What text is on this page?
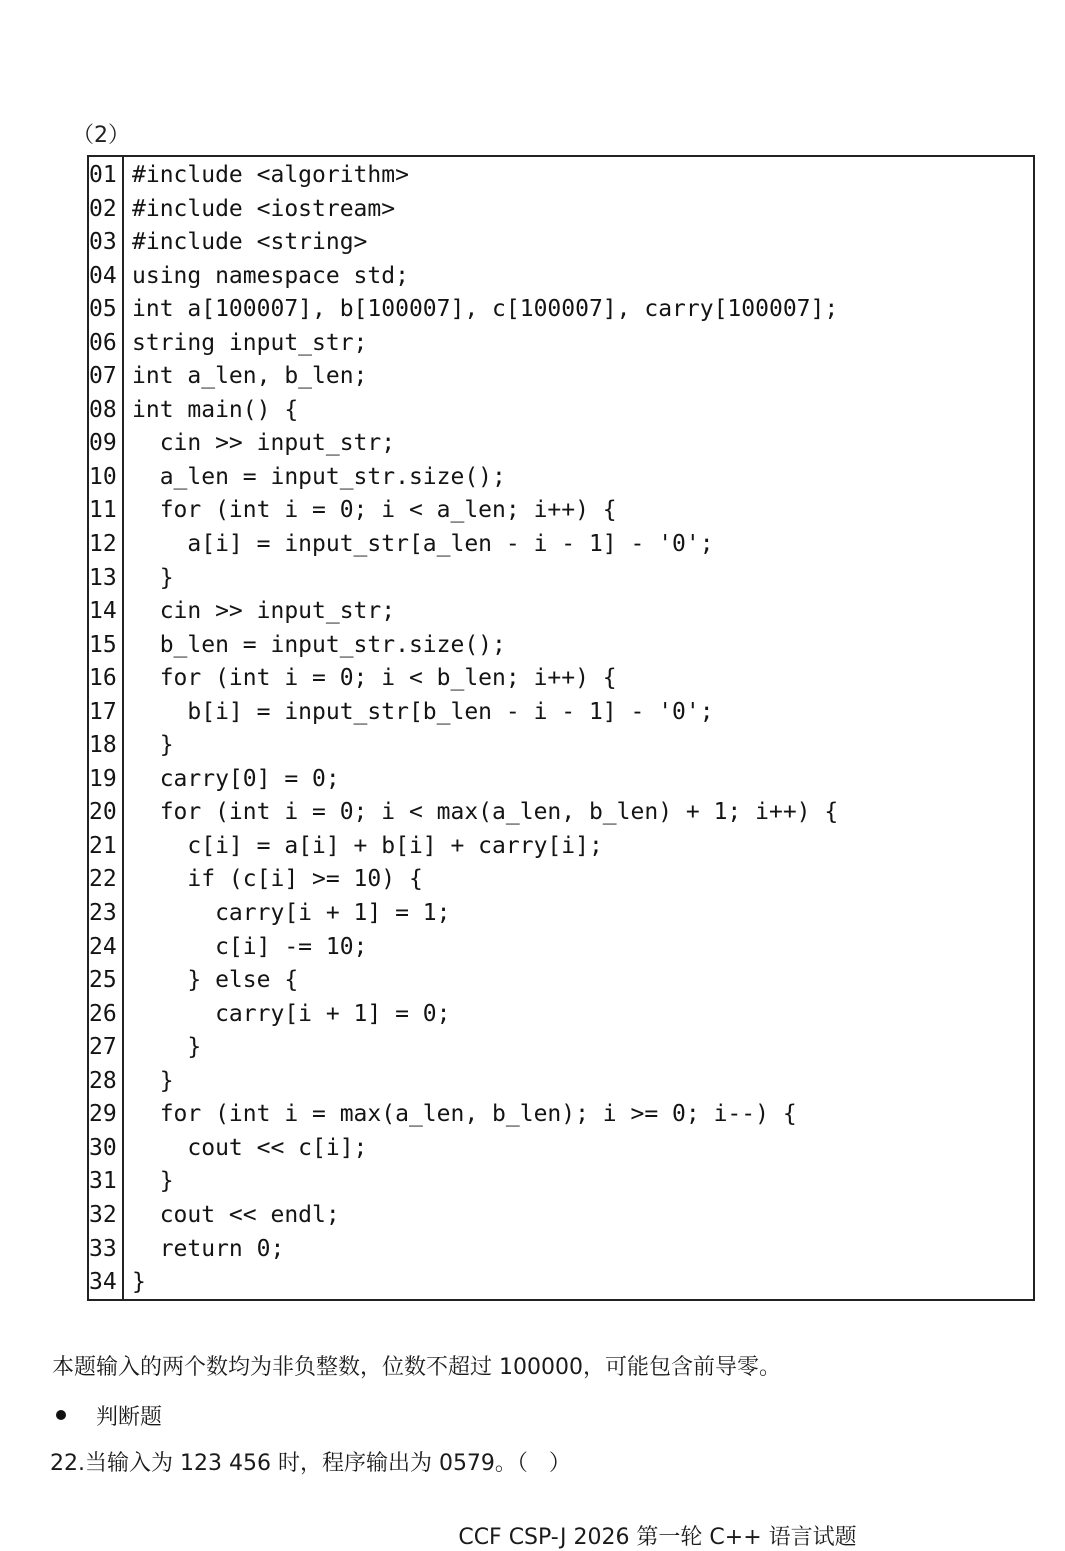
（2）
01 #include <algorithm>
02 #include <iostream>
03 #include <string>
04 using namespace std;
05 int a[100007], b[100007], c[100007], carry[100007];
06 string input_str;
07 int a_len, b_len;
08 int main() {
09 cin >> input_str;
10 a_len = input_str.size();
11 for (int i = 0; i < a_len; i++) {
12 a[i] = input_str[a_len - i - 1] - '0';
13 }
14 cin >> input_str;
15 b_len = input_str.size();
16 for (int i = 0; i < b_len; i++) {
17 b[i] = input_str[b_len - i - 1] - '0';
18 }
19 carry[0] = 0;
20 for (int i = 0; i < max(a_len, b_len) + 1; i++) {
21 c[i] = a[i] + b[i] + carry[i];
22 if (c[i] >= 10) {
23 carry[i + 1] = 1;
24 c[i] -= 10;
25 } else {
26 carry[i + 1] = 0;
27 }
28 }
29 for (int i = max(a_len, b_len); i >= 0; i--) {
30 cout << c[i];
31 }
32 cout << endl;
33 return 0;
34 }
本题输入的两个数均为非负整数，位数不超过 100000，可能包含前导零。
判断题
22.当输入为 123 456 时，程序输出为 0579。（   ）
CCF CSP-J 2026 第一轮 C++ 语言试题
